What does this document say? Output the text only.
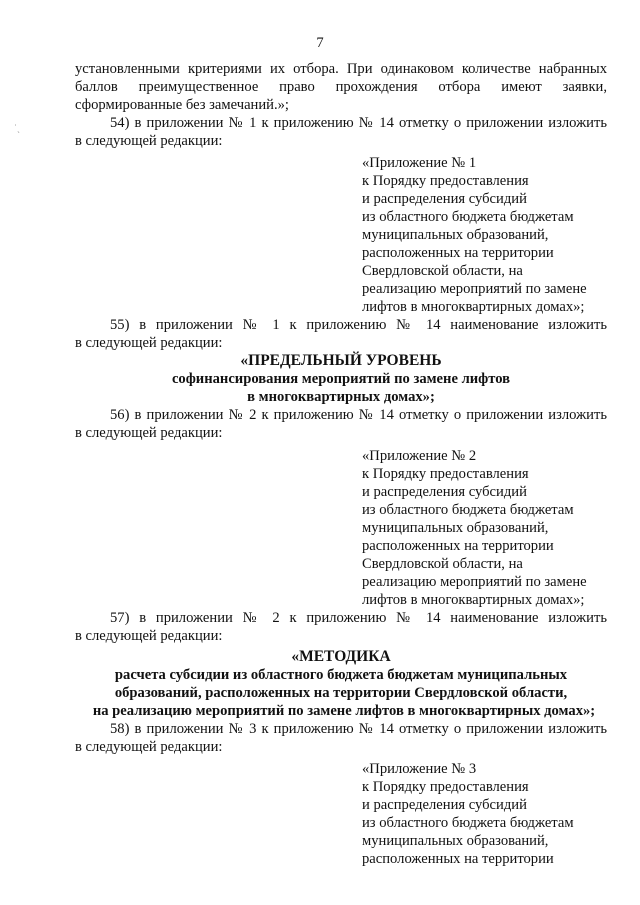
7
˙ˏ

установленными критериями их отбора. При одинаковом количестве набранных

баллов преимущественное право прохождения отбора имеют заявки,

сформированные без замечаний.»;

54) в приложении № 1 к приложению № 14 отметку о приложении изложить

в следующей редакции:

«Приложение № 1
к Порядку предоставления
и распределения субсидий
из областного бюджета бюджетам
муниципальных образований,
расположенных на территории
Свердловской области, на
реализацию мероприятий по замене
лифтов в многоквартирных домах»;

55) в приложении № 1 к приложению № 14 наименование изложить

в следующей редакции:

«ПРЕДЕЛЬНЫЙ УРОВЕНЬ

софинансирования мероприятий по замене лифтов

в многоквартирных домах»;

56) в приложении № 2 к приложению № 14 отметку о приложении изложить

в следующей редакции:

«Приложение № 2
к Порядку предоставления
и распределения субсидий
из областного бюджета бюджетам
муниципальных образований,
расположенных на территории
Свердловской области, на
реализацию мероприятий по замене
лифтов в многоквартирных домах»;

57) в приложении № 2 к приложению № 14 наименование изложить

в следующей редакции:

«МЕТОДИКА

расчета субсидии из областного бюджета бюджетам муниципальных

образований, расположенных на территории Свердловской области,

на реализацию мероприятий по замене лифтов в многоквартирных домах»;

58) в приложении № 3 к приложению № 14 отметку о приложении изложить

в следующей редакции:

«Приложение № 3
к Порядку предоставления
и распределения субсидий
из областного бюджета бюджетам
муниципальных образований,
расположенных на территории
